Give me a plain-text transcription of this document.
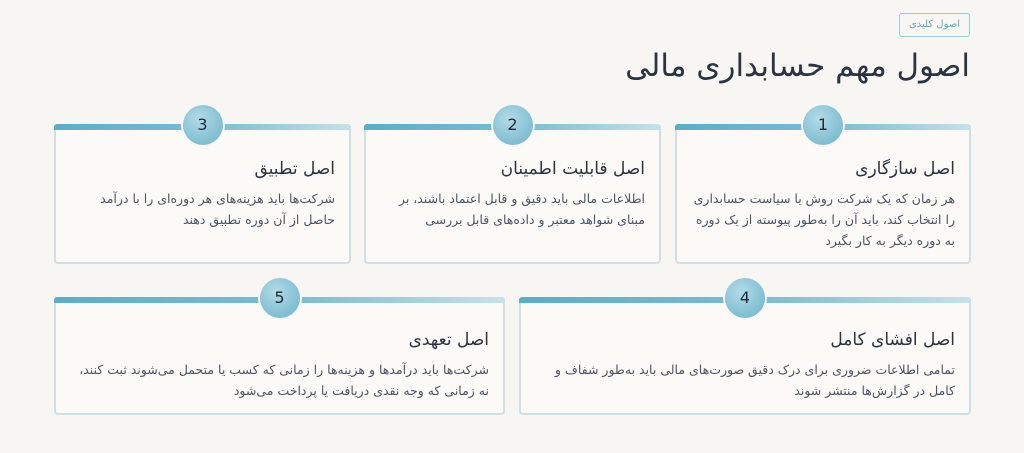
اصول کلیدی
اصول مهم حسابداری مالی
1
اصل سازگاری
هر زمان که یک شرکت روش یا سیاست حسابداری را انتخاب کند، باید آن را به‌طور پیوسته از یک دوره به دوره دیگر به کار بگیرد
2
اصل قابلیت اطمینان
اطلاعات مالی باید دقیق و قابل اعتماد باشند، بر مبنای شواهد معتبر و داده‌های قابل بررسی
3
اصل تطبیق
شرکت‌ها باید هزینه‌های هر دوره‌ای را با درآمد حاصل از آن دوره تطبیق دهند
4
اصل افشای کامل
تمامی اطلاعات ضروری برای درک دقیق صورت‌های مالی باید به‌طور شفاف و کامل در گزارش‌ها منتشر شوند
5
اصل تعهدی
شرکت‌ها باید درآمدها و هزینه‌ها را زمانی که کسب یا متحمل می‌شوند ثبت کنند، نه زمانی که وجه نقدی دریافت یا پرداخت می‌شود
